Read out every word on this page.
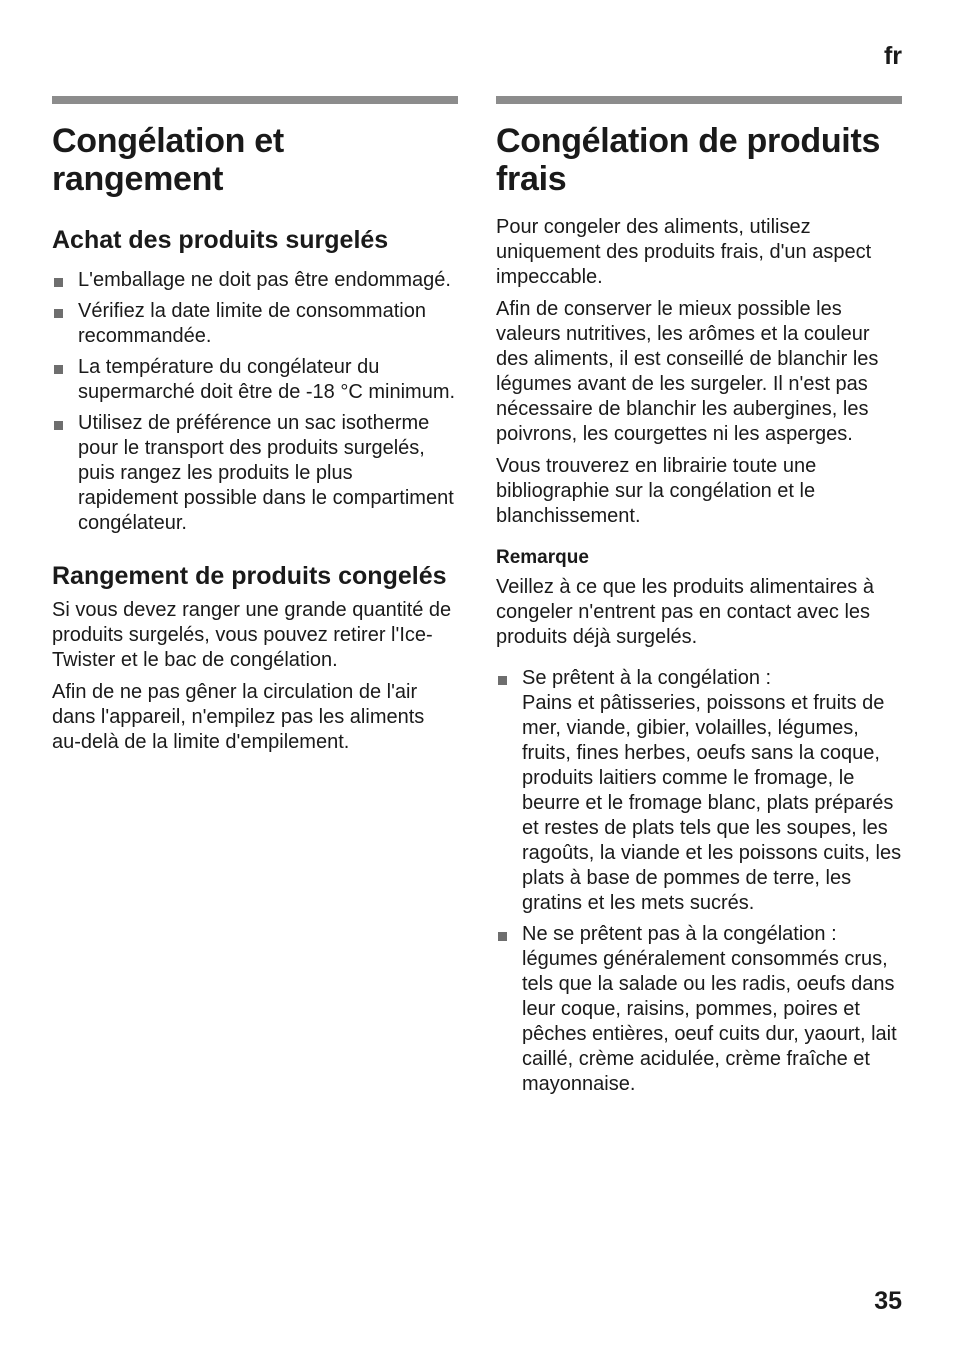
fr
Congélation et rangement
Achat des produits surgelés
L'emballage ne doit pas être endommagé.
Vérifiez la date limite de consommation recommandée.
La température du congélateur du supermarché doit être de -18 °C minimum.
Utilisez de préférence un sac isotherme pour le transport des produits surgelés, puis rangez les produits le plus rapidement possible dans le compartiment congélateur.
Rangement de produits congelés

Si vous devez ranger une grande quantité de produits surgelés, vous pouvez retirer l'Ice-Twister et le bac de congélation.

Afin de ne pas gêner la circulation de l'air dans l'appareil, n'empilez pas les aliments au-delà de la limite d'empilement.

Congélation de produits frais

Pour congeler des aliments, utilisez uniquement des produits frais, d'un aspect impeccable.

Afin de conserver le mieux possible les valeurs nutritives, les arômes et la couleur des aliments, il est conseillé de blanchir les légumes avant de les surgeler. Il n'est pas nécessaire de blanchir les aubergines, les poivrons, les courgettes ni les asperges.

Vous trouverez en librairie toute une bibliographie sur la congélation et le blanchissement.

Remarque

Veillez à ce que les produits alimentaires à congeler n'entrent pas en contact avec les produits déjà surgelés.

Se prêtent à la congélation :
Pains et pâtisseries, poissons et fruits de mer, viande, gibier, volailles, légumes, fruits, fines herbes, oeufs sans la coque, produits laitiers comme le fromage, le beurre et le fromage blanc, plats préparés et restes de plats tels que les soupes, les ragoûts, la viande et les poissons cuits, les plats à base de pommes de terre, les gratins et les mets sucrés.
Ne se prêtent pas à la congélation :
légumes généralement consommés crus, tels que la salade ou les radis, oeufs dans leur coque, raisins, pommes, poires et pêches entières, oeuf cuits dur, yaourt, lait caillé, crème acidulée, crème fraîche et mayonnaise.
35
